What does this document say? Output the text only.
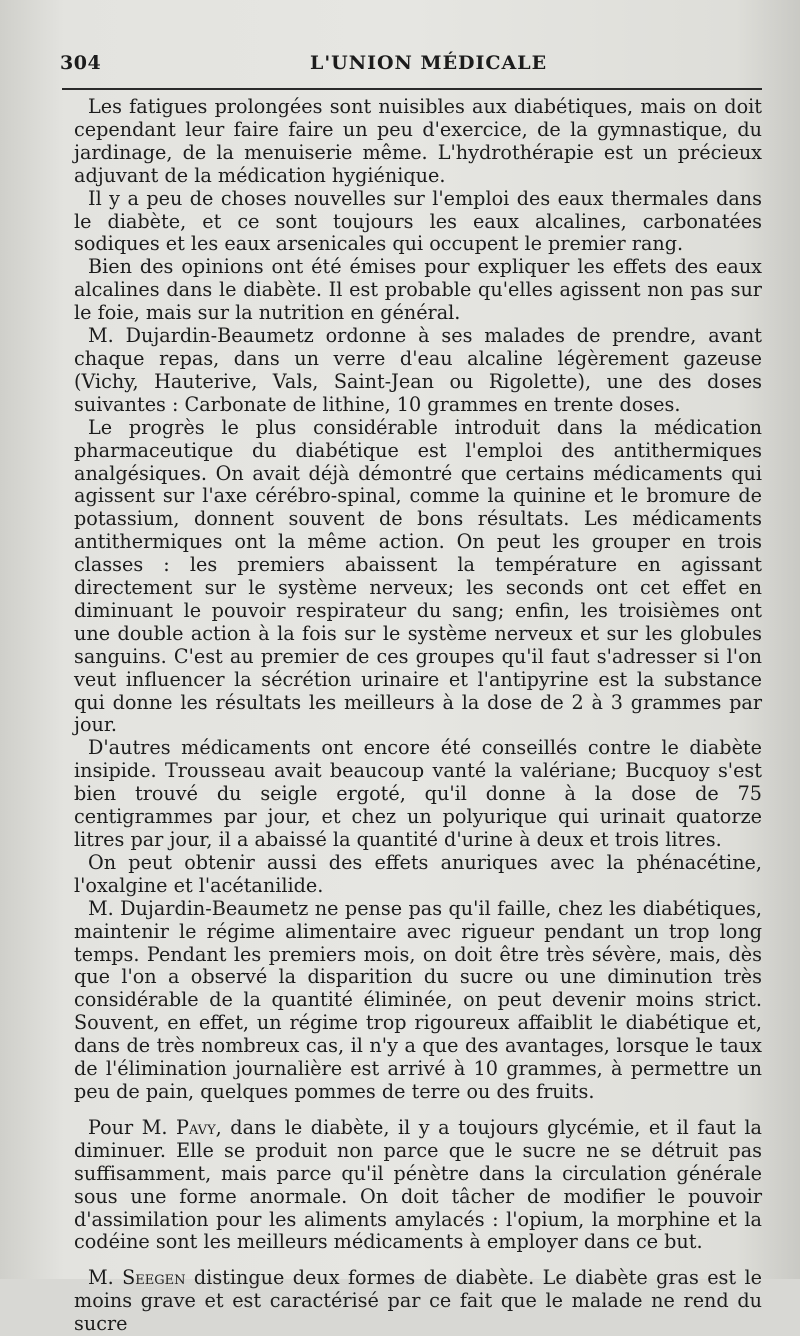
304	L'UNION MÉDICALE

Les fatigues prolongées sont nuisibles aux diabétiques, mais on doit cependant leur faire faire un peu d'exercice, de la gymnastique, du jardinage, de la menuiserie même. L'hydrothérapie est un précieux adjuvant de la médication hygiénique.

Il y a peu de choses nouvelles sur l'emploi des eaux thermales dans le diabète, et ce sont toujours les eaux alcalines, carbonatées sodiques et les eaux arsenicales qui occupent le premier rang.

Bien des opinions ont été émises pour expliquer les effets des eaux alcalines dans le diabète. Il est probable qu'elles agissent non pas sur le foie, mais sur la nutrition en général.

M. Dujardin-Beaumetz ordonne à ses malades de prendre, avant chaque repas, dans un verre d'eau alcaline légèrement gazeuse (Vichy, Hauterive, Vals, Saint-Jean ou Rigolette), une des doses suivantes : Carbonate de lithine, 10 grammes en trente doses.

Le progrès le plus considérable introduit dans la médication pharmaceutique du diabétique est l'emploi des antithermiques analgésiques. On avait déjà démontré que certains médicaments qui agissent sur l'axe cérébro-spinal, comme la quinine et le bromure de potassium, donnent souvent de bons résultats. Les médicaments antithermiques ont la même action. On peut les grouper en trois classes : les premiers abaissent la température en agissant directement sur le système nerveux; les seconds ont cet effet en diminuant le pouvoir respirateur du sang; enfin, les troisièmes ont une double action à la fois sur le système nerveux et sur les globules sanguins. C'est au premier de ces groupes qu'il faut s'adresser si l'on veut influencer la sécrétion urinaire et l'antipyrine est la substance qui donne les résultats les meilleurs à la dose de 2 à 3 grammes par jour.

D'autres médicaments ont encore été conseillés contre le diabète insipide. Trousseau avait beaucoup vanté la valériane; Bucquoy s'est bien trouvé du seigle ergoté, qu'il donne à la dose de 75 centigrammes par jour, et chez un polyurique qui urinait quatorze litres par jour, il a abaissé la quantité d'urine à deux et trois litres.

On peut obtenir aussi des effets anuriques avec la phénacétine, l'oxalgine et l'acétanilide.

M. Dujardin-Beaumetz ne pense pas qu'il faille, chez les diabétiques, maintenir le régime alimentaire avec rigueur pendant un trop long temps. Pendant les premiers mois, on doit être très sévère, mais, dès que l'on a observé la disparition du sucre ou une diminution très considérable de la quantité éliminée, on peut devenir moins strict. Souvent, en effet, un régime trop rigoureux affaiblit le diabétique et, dans de très nombreux cas, il n'y a que des avantages, lorsque le taux de l'élimination journalière est arrivé à 10 grammes, à permettre un peu de pain, quelques pommes de terre ou des fruits.

Pour M. Pavy, dans le diabète, il y a toujours glycémie, et il faut la diminuer. Elle se produit non parce que le sucre ne se détruit pas suffisamment, mais parce qu'il pénètre dans la circulation générale sous une forme anormale. On doit tâcher de modifier le pouvoir d'assimilation pour les aliments amylacés : l'opium, la morphine et la codéine sont les meilleurs médicaments à employer dans ce but.

M. Seegen distingue deux formes de diabète. Le diabète gras est le moins grave et est caractérisé par ce fait que le malade ne rend du sucre
